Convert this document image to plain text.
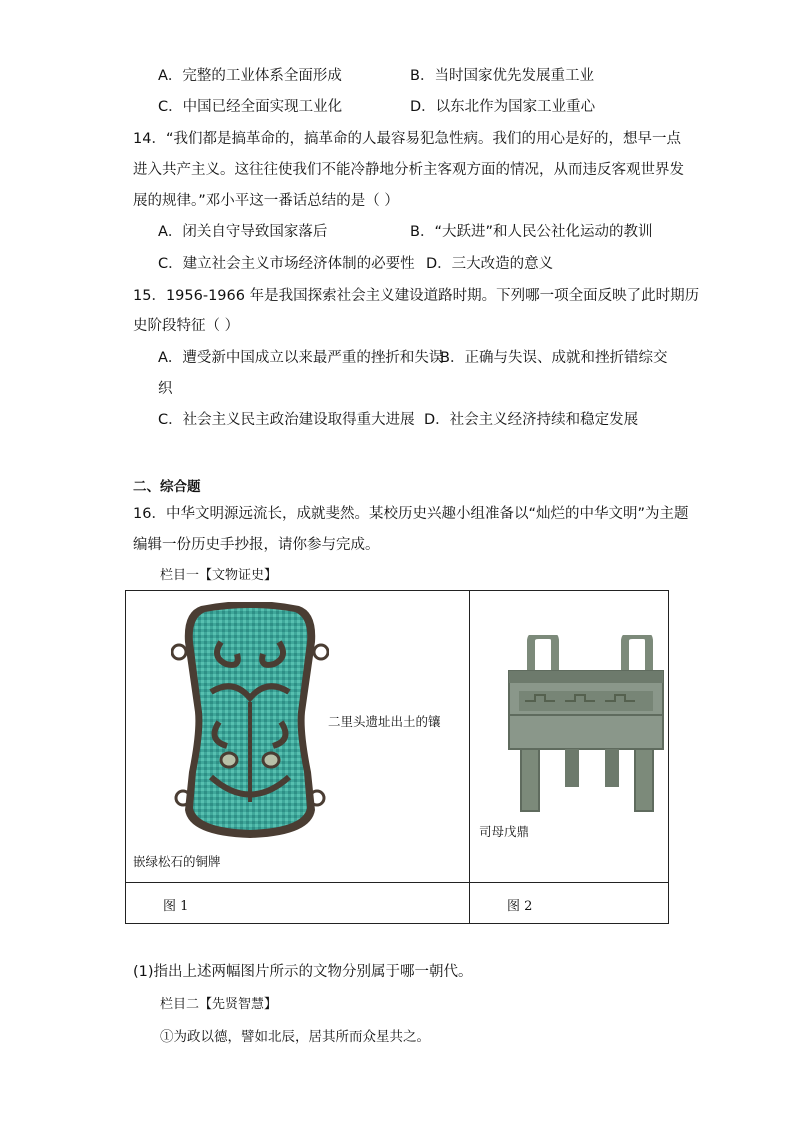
A．完整的工业体系全面形成	B．当时国家优先发展重工业
C．中国已经全面实现工业化	D．以东北作为国家工业重心
14．“我们都是搞革命的，搞革命的人最容易犯急性病。我们的用心是好的，想早一点
进入共产主义。这往往使我们不能冷静地分析主客观方面的情况，从而违反客观世界发
展的规律。”邓小平这一番话总结的是（ ）
A．闭关自守导致国家落后	B．“大跃进”和人民公社化运动的教训
C．建立社会主义市场经济体制的必要性 D．三大改造的意义
15．1956-1966 年是我国探索社会主义建设道路时期。下列哪一项全面反映了此时期历
史阶段特征（ ）
A．遭受新中国成立以来最严重的挫折和失误
B．正确与失误、成就和挫折错综交
织
C．社会主义民主政治建设取得重大进展 D．社会主义经济持续和稳定发展
二、综合题
16．中华文明源远流长，成就斐然。某校历史兴趣小组准备以“灿烂的中华文明”为主题
编辑一份历史手抄报，请你参与完成。
栏目一【文物证史】
二里头遗址出土的镶
嵌绿松石的铜牌
司母戊鼎
图 1	图 2
(1)指出上述两幅图片所示的文物分别属于哪一朝代。
栏目二【先贤智慧】
①为政以德，譬如北辰，居其所而众星共之。
